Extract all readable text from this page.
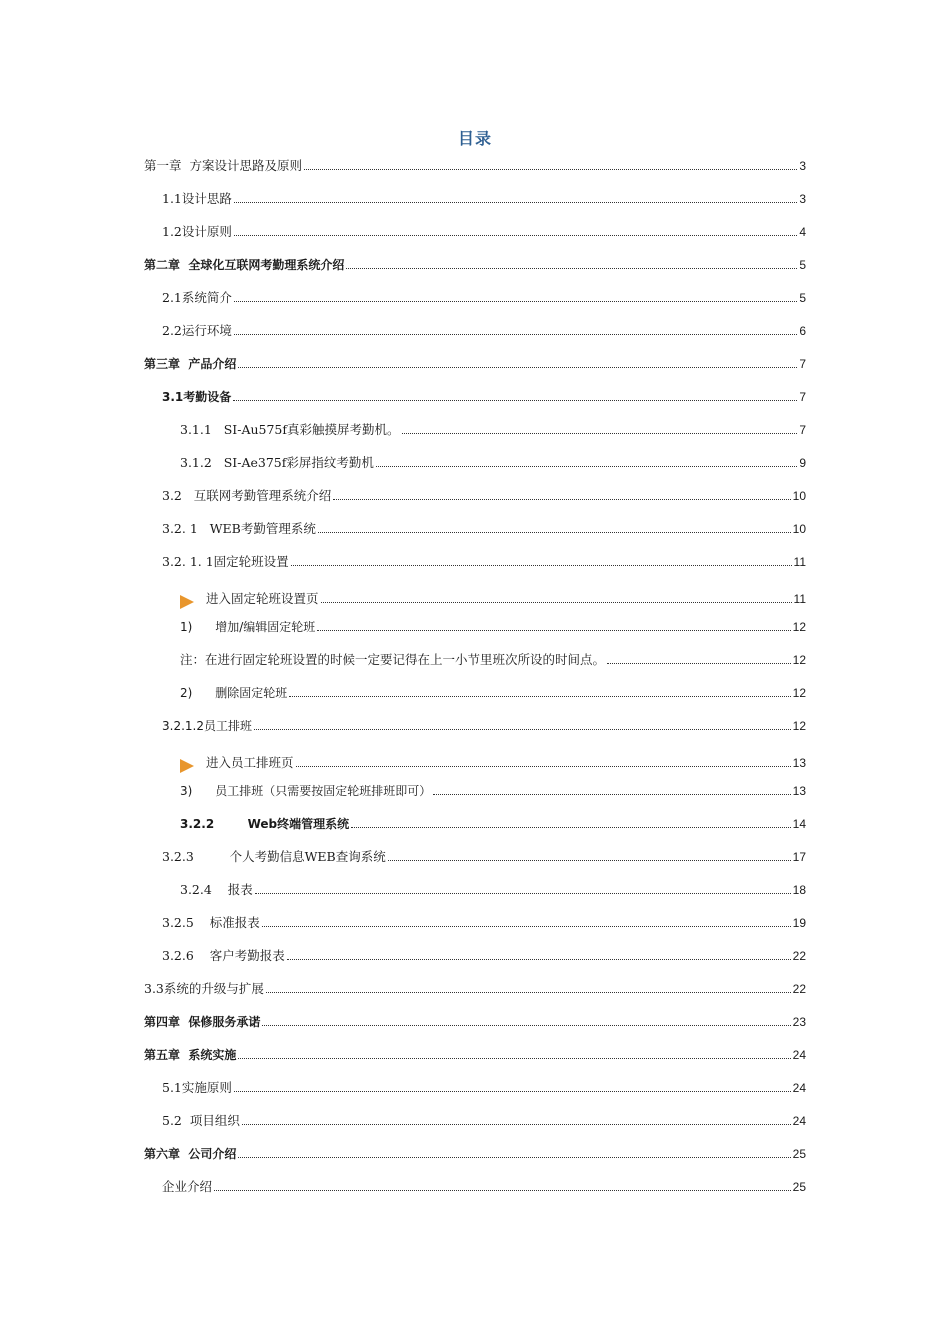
目录
第一章  方案设计思路及原则	3
1.1设计思路	3
1.2设计原则	4
第二章  全球化互联网考勤理系统介绍	5
2.1系统简介	5
2.2运行环境	6
第三章  产品介绍	7
3.1考勤设备	7
3.1.1   SI-Au575f真彩触摸屏考勤机。	7
3.1.2   SI-Ae375f彩屏指纹考勤机	9
3.2   互联网考勤管理系统介绍	10
3.2. 1   WEB考勤管理系统	10
3.2. 1. 1固定轮班设置	11
进入固定轮班设置页	11
1)      增加/编辑固定轮班	12
注：在进行固定轮班设置的时候一定要记得在上一小节里班次所设的时间点。	12
2)      删除固定轮班	12
3.2.1.2员工排班	12
进入员工排班页	13
3)      员工排班（只需要按固定轮班排班即可）	13
3.2.2        Web终端管理系统	14
3.2.3         个人考勤信息WEB查询系统	17
3.2.4    报表	18
3.2.5    标准报表	19
3.2.6    客户考勤报表	22
3.3系统的升级与扩展	22
第四章  保修服务承诺	23
第五章  系统实施	24
5.1实施原则	24
5.2  项目组织	24
第六章  公司介绍	25
企业介绍	25
